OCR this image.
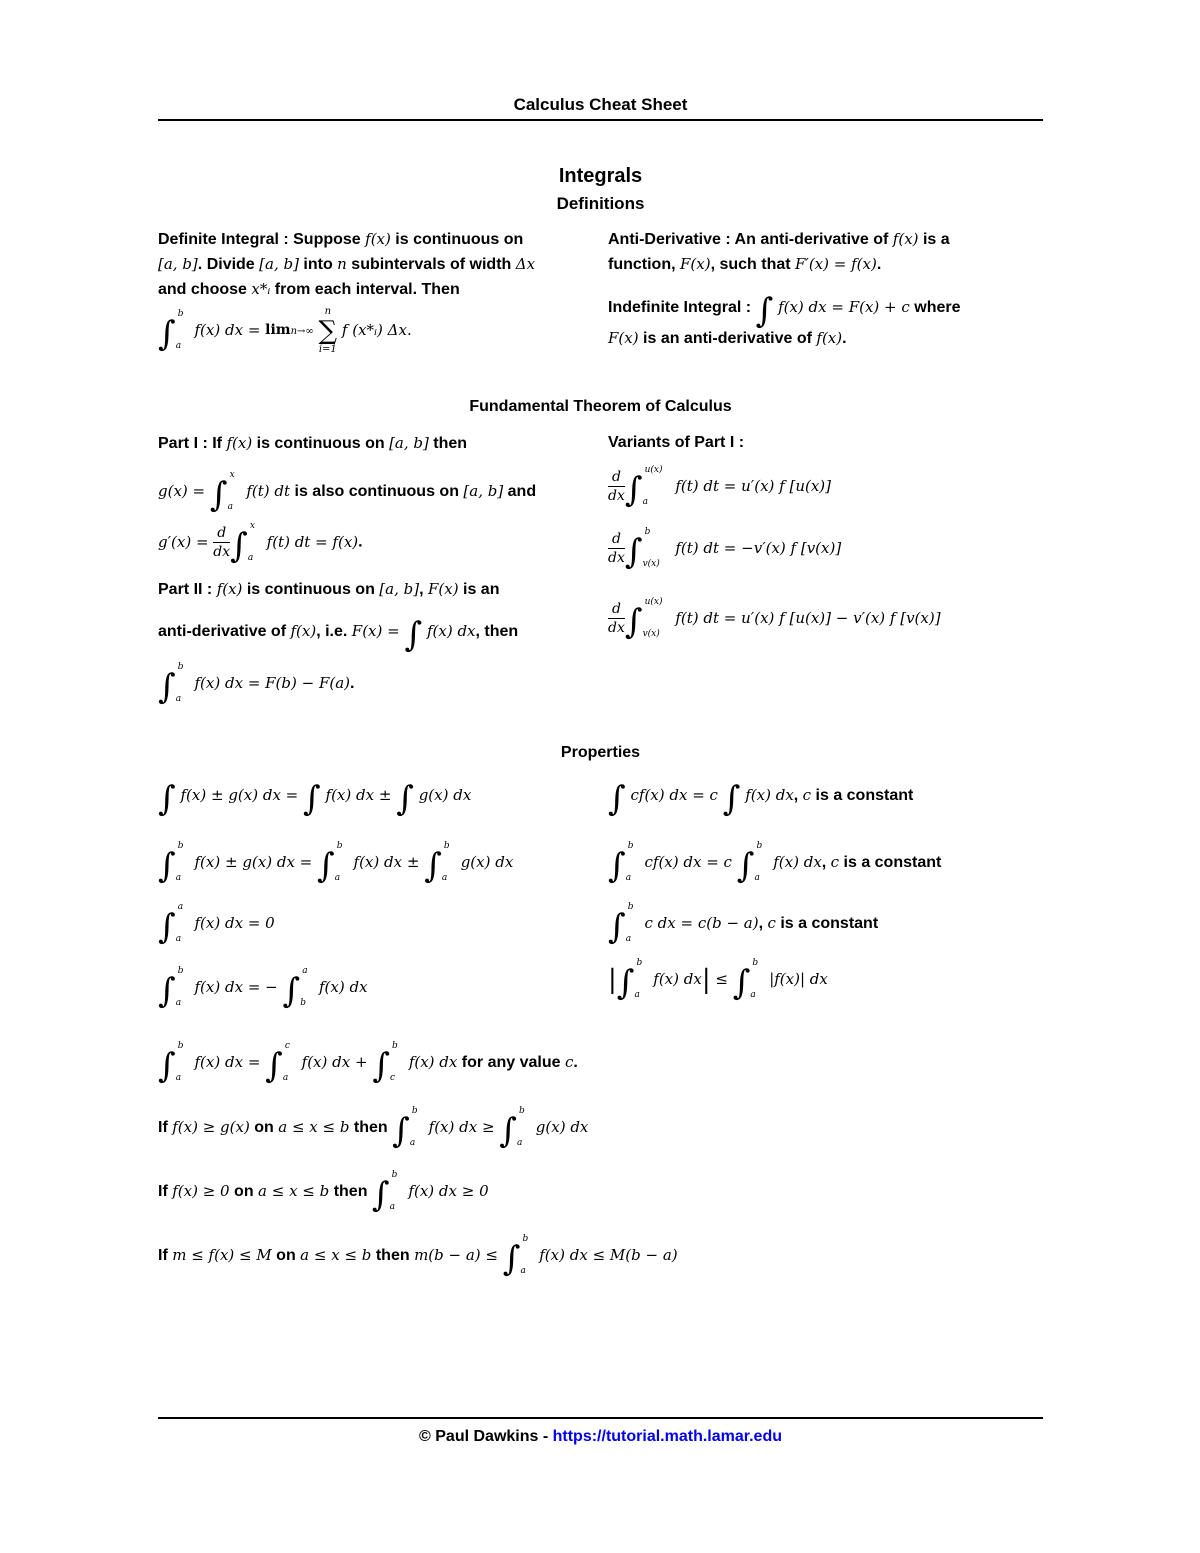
Calculus Cheat Sheet
Integrals
Definitions
Definite Integral : Suppose f(x) is continuous on
[a, b]. Divide [a, b] into n subintervals of width Δx
and choose x*ᵢ from each interval. Then
∫ b
a
f(x) dx = limn→∞ n
∑
i=1 f (x*ᵢ) Δx.
Anti-Derivative : An anti-derivative of f(x) is a
function, F(x), such that F′(x) = f(x).
Indefinite Integral : ∫ f(x) dx = F(x) + c where
F(x) is an anti-derivative of f(x).
Fundamental Theorem of Calculus
Part I : If f(x) is continuous on [a, b] then
g(x) = ∫ x
a
f(t) dt is also continuous on [a, b] and
$g'(x) = \frac{d}{dx}$ ∫ x
a
f(t) dt = f(x).
Part II : f(x) is continuous on [a, b], F(x) is an
anti-derivative of f(x), i.e. F(x) = ∫ f(x) dx, then
∫ b
a
f(x) dx = F(b) − F(a).
Variants of Part I :
$\frac{d}{dx}$ ∫ u(x)
a
f(t) dt = u′(x) f [u(x)]
$\frac{d}{dx}$ ∫ b
v(x)
f(t) dt = −v′(x) f [v(x)]
$\frac{d}{dx}$ ∫ u(x)
v(x)
f(t) dt = u′(x) f [u(x)] − v′(x) f [v(x)]
Properties
∫ f(x) ± g(x) dx = ∫ f(x) dx ± ∫ g(x) dx
∫ b
a
f(x) ± g(x) dx = ∫ b
a
f(x) dx ± ∫ b
a
g(x) dx
∫ a
a
f(x) dx = 0
∫ b
a
f(x) dx = − ∫ a
b
f(x) dx
∫ b
a
f(x) dx = ∫ c
a
f(x) dx + ∫ b
c
f(x) dx for any value c.
∫ cf(x) dx = c ∫ f(x) dx, c is a constant
∫ b
a
cf(x) dx = c ∫ b
a
f(x) dx, c is a constant
∫ b
a
c dx = c(b − a), c is a constant
|∫ b
a
f(x) dx| ≤ ∫ b
a
|f(x)| dx
If f(x) ≥ g(x) on a ≤ x ≤ b then ∫ b
a
f(x) dx ≥ ∫ b
a
g(x) dx
If f(x) ≥ 0 on a ≤ x ≤ b then ∫ b
a
f(x) dx ≥ 0
If m ≤ f(x) ≤ M on a ≤ x ≤ b then m(b − a) ≤ ∫ b
a
f(x) dx ≤ M(b − a)
© Paul Dawkins - https://tutorial.math.lamar.edu
